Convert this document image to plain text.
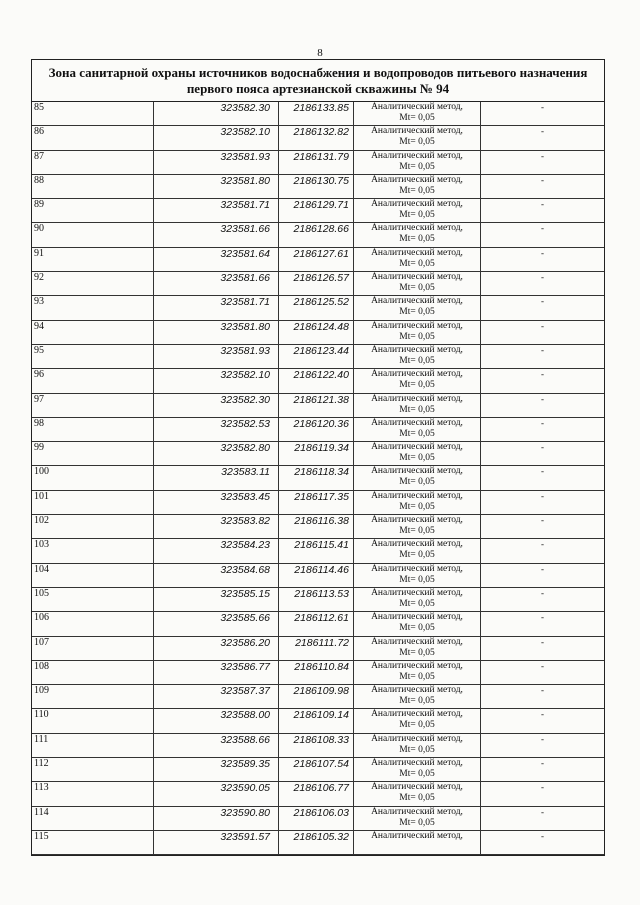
8
Зона санитарной охраны источников водоснабжения и водопроводов питьевого назначения
первого пояса артезианской скважины № 94
85	323582.30	2186133.85	Аналитический метод,
Mt= 0,05	-
86	323582.10	2186132.82	Аналитический метод,
Mt= 0,05	-
87	323581.93	2186131.79	Аналитический метод,
Mt= 0,05	-
88	323581.80	2186130.75	Аналитический метод,
Mt= 0,05	-
89	323581.71	2186129.71	Аналитический метод,
Mt= 0,05	-
90	323581.66	2186128.66	Аналитический метод,
Mt= 0,05	-
91	323581.64	2186127.61	Аналитический метод,
Mt= 0,05	-
92	323581.66	2186126.57	Аналитический метод,
Mt= 0,05	-
93	323581.71	2186125.52	Аналитический метод,
Mt= 0,05	-
94	323581.80	2186124.48	Аналитический метод,
Mt= 0,05	-
95	323581.93	2186123.44	Аналитический метод,
Mt= 0,05	-
96	323582.10	2186122.40	Аналитический метод,
Mt= 0,05	-
97	323582.30	2186121.38	Аналитический метод,
Mt= 0,05	-
98	323582.53	2186120.36	Аналитический метод,
Mt= 0,05	-
99	323582.80	2186119.34	Аналитический метод,
Mt= 0,05	-
100	323583.11	2186118.34	Аналитический метод,
Mt= 0,05	-
101	323583.45	2186117.35	Аналитический метод,
Mt= 0,05	-
102	323583.82	2186116.38	Аналитический метод,
Mt= 0,05	-
103	323584.23	2186115.41	Аналитический метод,
Mt= 0,05	-
104	323584.68	2186114.46	Аналитический метод,
Mt= 0,05	-
105	323585.15	2186113.53	Аналитический метод,
Mt= 0,05	-
106	323585.66	2186112.61	Аналитический метод,
Mt= 0,05	-
107	323586.20	2186111.72	Аналитический метод,
Mt= 0,05	-
108	323586.77	2186110.84	Аналитический метод,
Mt= 0,05	-
109	323587.37	2186109.98	Аналитический метод,
Mt= 0,05	-
110	323588.00	2186109.14	Аналитический метод,
Mt= 0,05	-
111	323588.66	2186108.33	Аналитический метод,
Mt= 0,05	-
112	323589.35	2186107.54	Аналитический метод,
Mt= 0,05	-
113	323590.05	2186106.77	Аналитический метод,
Mt= 0,05	-
114	323590.80	2186106.03	Аналитический метод,
Mt= 0,05	-
115	323591.57	2186105.32	Аналитический метод,	-
